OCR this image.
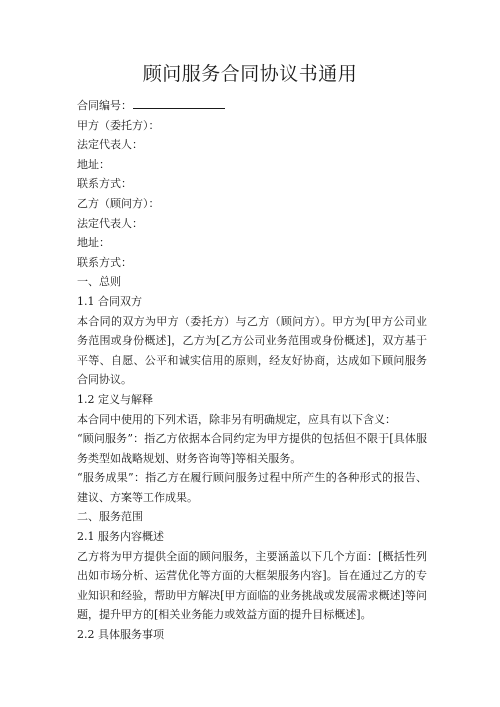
顾问服务合同协议书通用
合同编号：
甲方（委托方）：
法定代表人：
地址：
联系方式：
乙方（顾问方）：
法定代表人：
地址：
联系方式：
一、总则
1.1 合同双方
本合同的双方为甲方（委托方）与乙方（顾问方）。甲方为[甲方公司业务范围或身份概述]，乙方为[乙方公司业务范围或身份概述]，双方基于平等、自愿、公平和诚实信用的原则，经友好协商，达成如下顾问服务合同协议。
1.2 定义与解释
本合同中使用的下列术语，除非另有明确规定，应具有以下含义：
“顾问服务”：指乙方依据本合同约定为甲方提供的包括但不限于[具体服务类型如战略规划、财务咨询等]等相关服务。
“服务成果”：指乙方在履行顾问服务过程中所产生的各种形式的报告、建议、方案等工作成果。
二、服务范围
2.1 服务内容概述
乙方将为甲方提供全面的顾问服务，主要涵盖以下几个方面：[概括性列出如市场分析、运营优化等方面的大框架服务内容]。旨在通过乙方的专业知识和经验，帮助甲方解决[甲方面临的业务挑战或发展需求概述]等问题，提升甲方的[相关业务能力或效益方面的提升目标概述]。
2.2 具体服务事项
